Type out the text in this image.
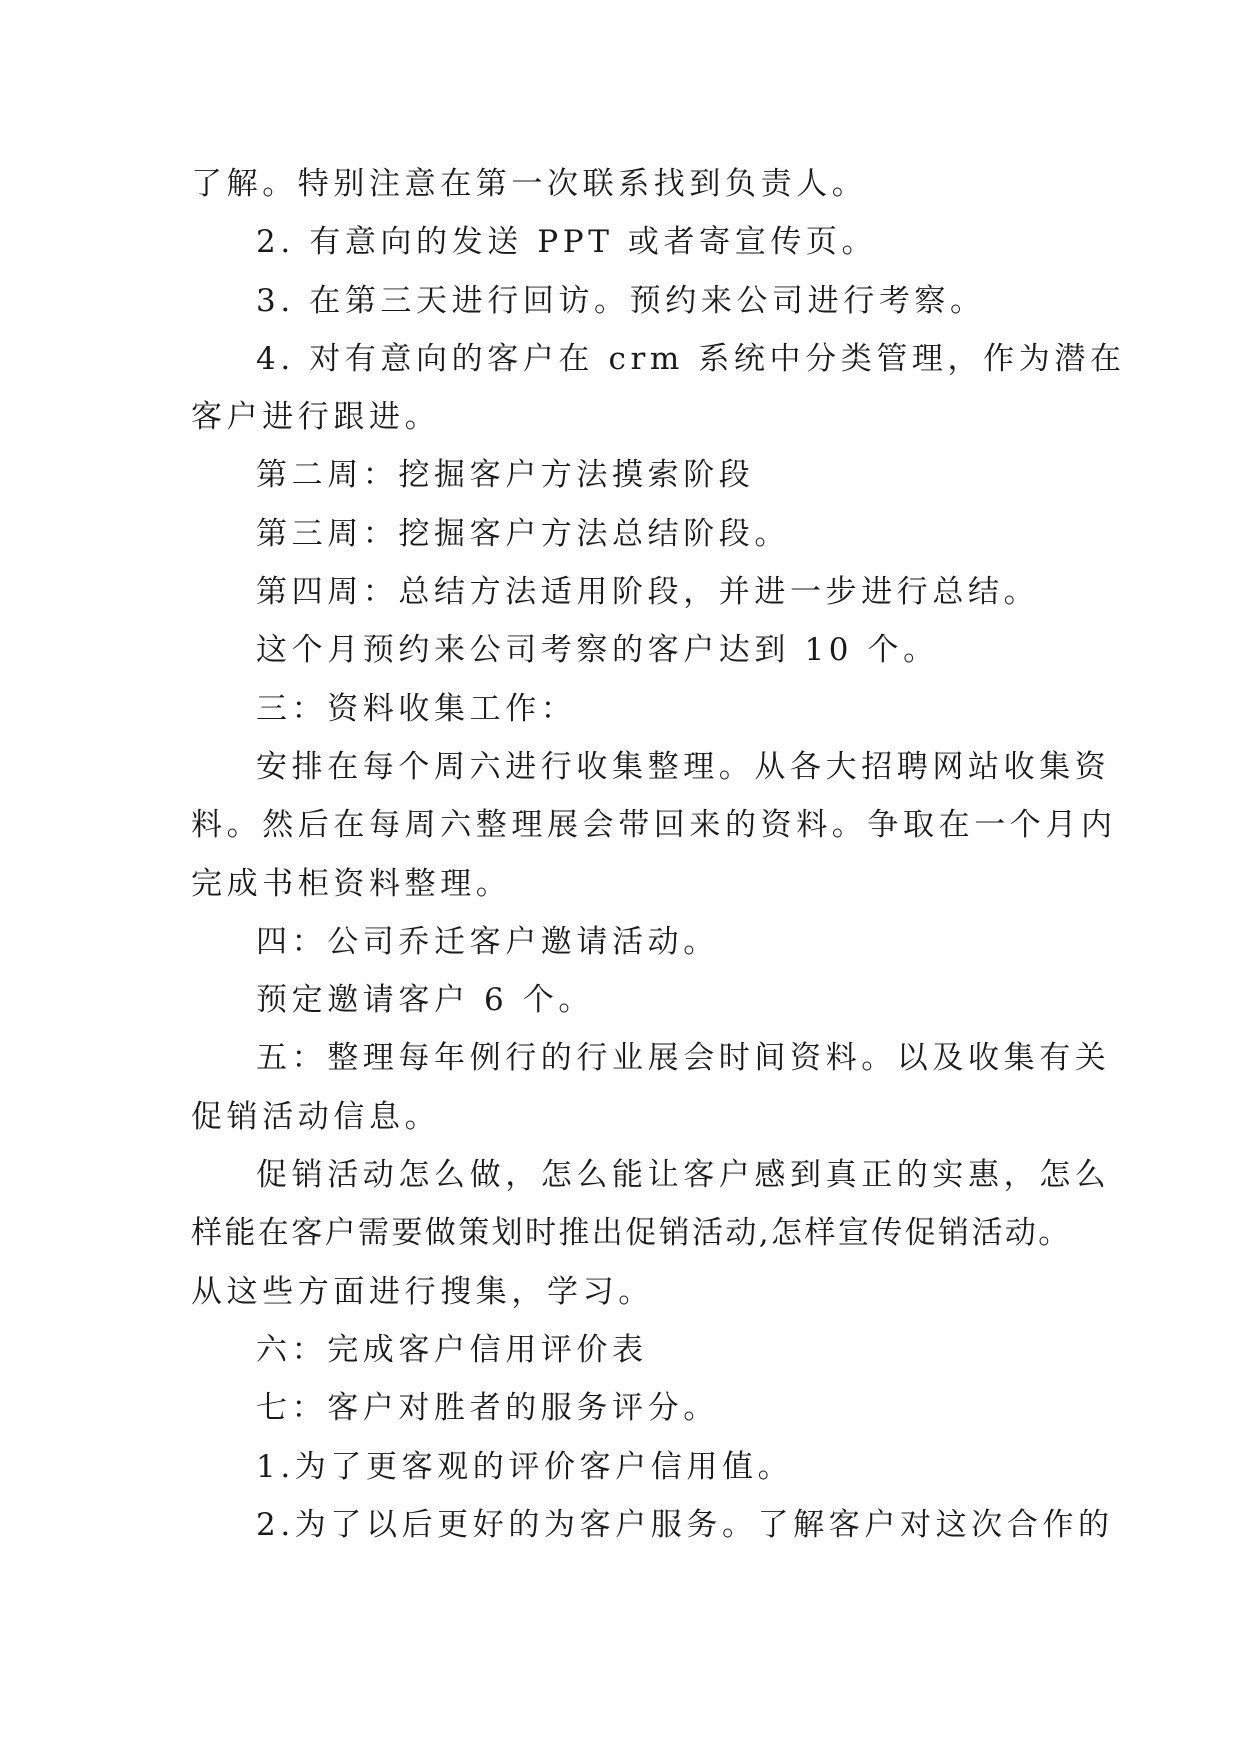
了解。特别注意在第一次联系找到负责人。
2. 有意向的发送 PPT 或者寄宣传页。
3. 在第三天进行回访。预约来公司进行考察。
4. 对有意向的客户在 crm 系统中分类管理，作为潜在
客户进行跟进。
第二周：挖掘客户方法摸索阶段
第三周：挖掘客户方法总结阶段。
第四周：总结方法适用阶段，并进一步进行总结。
这个月预约来公司考察的客户达到 10 个。
三：资料收集工作：
安排在每个周六进行收集整理。从各大招聘网站收集资
料。然后在每周六整理展会带回来的资料。争取在一个月内
完成书柜资料整理。
四：公司乔迁客户邀请活动。
预定邀请客户 6 个。
五：整理每年例行的行业展会时间资料。以及收集有关
促销活动信息。
促销活动怎么做，怎么能让客户感到真正的实惠，怎么
样能在客户需要做策划时推出促销活动,怎样宣传促销活动。
从这些方面进行搜集，学习。
六：完成客户信用评价表
七：客户对胜者的服务评分。
1.为了更客观的评价客户信用值。
2.为了以后更好的为客户服务。了解客户对这次合作的
